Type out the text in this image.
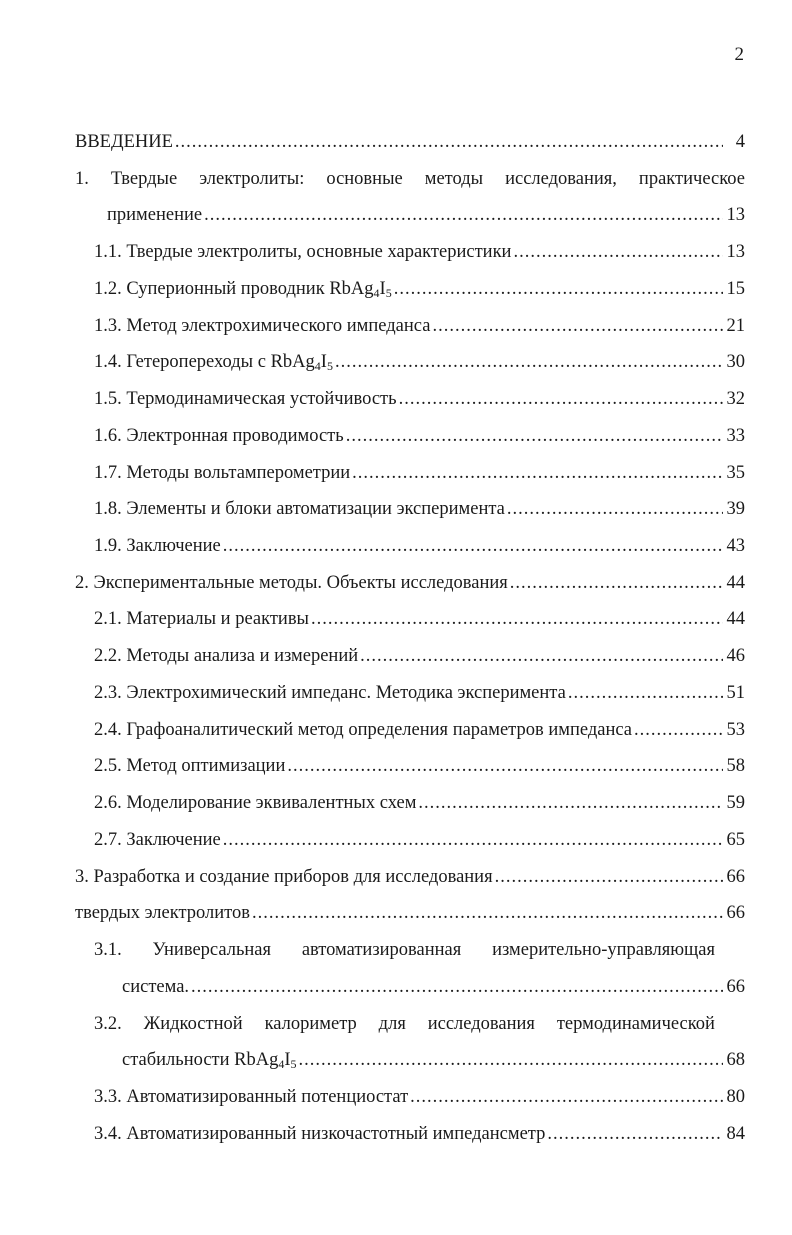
2
ВВЕДЕНИЕ .....	4
1. Твердые электролиты: основные методы исследования, практическое
применение .....	13
1.1. Твердые электролиты, основные характеристики .....	13
1.2. Суперионный проводник $RbAg_4I_5$ .....	15
1.3. Метод электрохимического импеданса .....	21
1.4. Гетеропереходы с $RbAg_4I_5$ .....	30
1.5. Термодинамическая устойчивость .....	32
1.6. Электронная проводимость .....	33
1.7. Методы вольтамперометрии .....	35
1.8. Элементы и блоки автоматизации эксперимента .....	39
1.9. Заключение .....	43
2. Экспериментальные методы. Объекты исследования .....	44
2.1. Материалы и реактивы .....	44
2.2. Методы анализа и измерений .....	46
2.3. Электрохимический импеданс. Методика эксперимента .....	51
2.4. Графоаналитический метод определения параметров импеданса .....	53
2.5. Метод оптимизации .....	58
2.6. Моделирование эквивалентных схем .....	59
2.7. Заключение .....	65
3. Разработка и создание приборов для исследования .....	66
твердых электролитов .....	66
3.1. Универсальная автоматизированная измерительно-управляющая
система. .....	66
3.2. Жидкостной калориметр для исследования термодинамической
стабильности $RbAg_4I_5$ .....	68
3.3. Автоматизированный потенциостат .....	80
3.4. Автоматизированный низкочастотный импедансметр .....	84
